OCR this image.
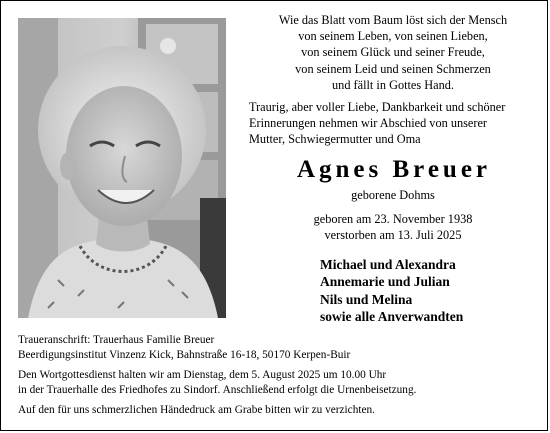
Wie das Blatt vom Baum löst sich der Mensch
von seinem Leben, von seinen Lieben,
von seinem Glück und seiner Freude,
von seinem Leid und seinen Schmerzen
und fällt in Gottes Hand.
Traurig, aber voller Liebe, Dankbarkeit und schöner
Erinnerungen nehmen wir Abschied von unserer
Mutter, Schwiegermutter und Oma
Agnes Breuer
geborene Dohms
geboren am 23. November 1938
verstorben am 13. Juli 2025
Michael und Alexandra
Annemarie und Julian
Nils und Melina
sowie alle Anverwandten
Traueranschrift: Trauerhaus Familie Breuer
Beerdigungsinstitut Vinzenz Kick, Bahnstraße 16-18, 50170 Kerpen-Buir
Den Wortgottesdienst halten wir am Dienstag, dem 5. August 2025 um 10.00 Uhr
in der Trauerhalle des Friedhofes zu Sindorf. Anschließend erfolgt die Urnenbeisetzung.
Auf den für uns schmerzlichen Händedruck am Grabe bitten wir zu verzichten.
